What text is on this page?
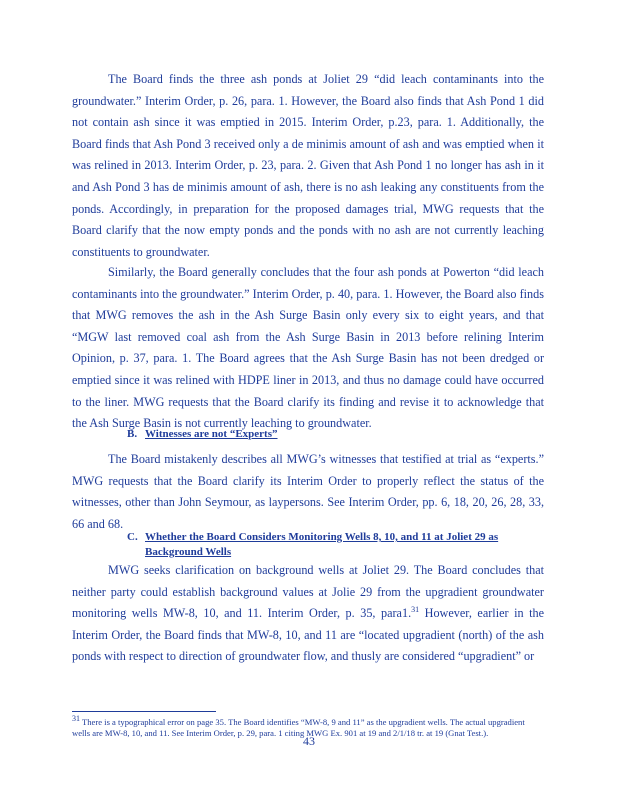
The Board finds the three ash ponds at Joliet 29 “did leach contaminants into the groundwater.” Interim Order, p. 26, para. 1. However, the Board also finds that Ash Pond 1 did not contain ash since it was emptied in 2015. Interim Order, p.23, para. 1. Additionally, the Board finds that Ash Pond 3 received only a de minimis amount of ash and was emptied when it was relined in 2013. Interim Order, p. 23, para. 2. Given that Ash Pond 1 no longer has ash in it and Ash Pond 3 has de minimis amount of ash, there is no ash leaking any constituents from the ponds. Accordingly, in preparation for the proposed damages trial, MWG requests that the Board clarify that the now empty ponds and the ponds with no ash are not currently leaching constituents to groundwater.

Similarly, the Board generally concludes that the four ash ponds at Powerton “did leach contaminants into the groundwater.” Interim Order, p. 40, para. 1. However, the Board also finds that MWG removes the ash in the Ash Surge Basin only every six to eight years, and that “MGW last removed coal ash from the Ash Surge Basin in 2013 before relining Interim Opinion, p. 37, para. 1. The Board agrees that the Ash Surge Basin has not been dredged or emptied since it was relined with HDPE liner in 2013, and thus no damage could have occurred to the liner. MWG requests that the Board clarify its finding and revise it to acknowledge that the Ash Surge Basin is not currently leaching to groundwater.

B. Witnesses are not “Experts”

The Board mistakenly describes all MWG’s witnesses that testified at trial as “experts.” MWG requests that the Board clarify its Interim Order to properly reflect the status of the witnesses, other than John Seymour, as laypersons. See Interim Order, pp. 6, 18, 20, 26, 28, 33, 66 and 68.

C. Whether the Board Considers Monitoring Wells 8, 10, and 11 at Joliet 29 as
Background Wells

MWG seeks clarification on background wells at Joliet 29. The Board concludes that neither party could establish background values at Jolie 29 from the upgradient groundwater monitoring wells MW-8, 10, and 11. Interim Order, p. 35, para1.31 However, earlier in the Interim Order, the Board finds that MW-8, 10, and 11 are “located upgradient (north) of the ash ponds with respect to direction of groundwater flow, and thusly are considered “upgradient” or

$^{31}$ There is a typographical error on page 35. The Board identifies “MW-8, 9 and 11” as the upgradient wells. The actual upgradient wells are MW-8, 10, and 11. See Interim Order, p. 29, para. 1 citing MWG Ex. 901 at 19 and 2/1/18 tr. at 19 (Gnat Test.).

43
